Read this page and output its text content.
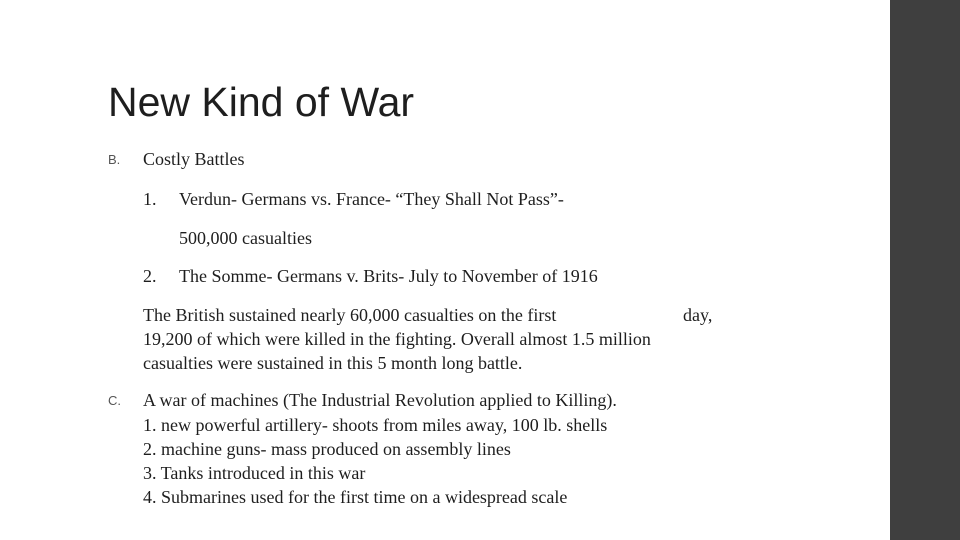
New Kind of War
B. Costly Battles
1. Verdun- Germans vs. France- “They Shall Not Pass”-
500,000 casualties
2. The Somme- Germans v. Brits- July to November of 1916
The British sustained nearly 60,000 casualties on the first	day,
19,200 of which were killed in the fighting. Overall almost 1.5 million
casualties were sustained in this 5 month long battle.
C. A war of machines (The Industrial Revolution applied to Killing).
1. new powerful artillery- shoots from miles away, 100 lb. shells
2. machine guns- mass produced on assembly lines
3. Tanks introduced in this war
4. Submarines used for the first time on a widespread scale
